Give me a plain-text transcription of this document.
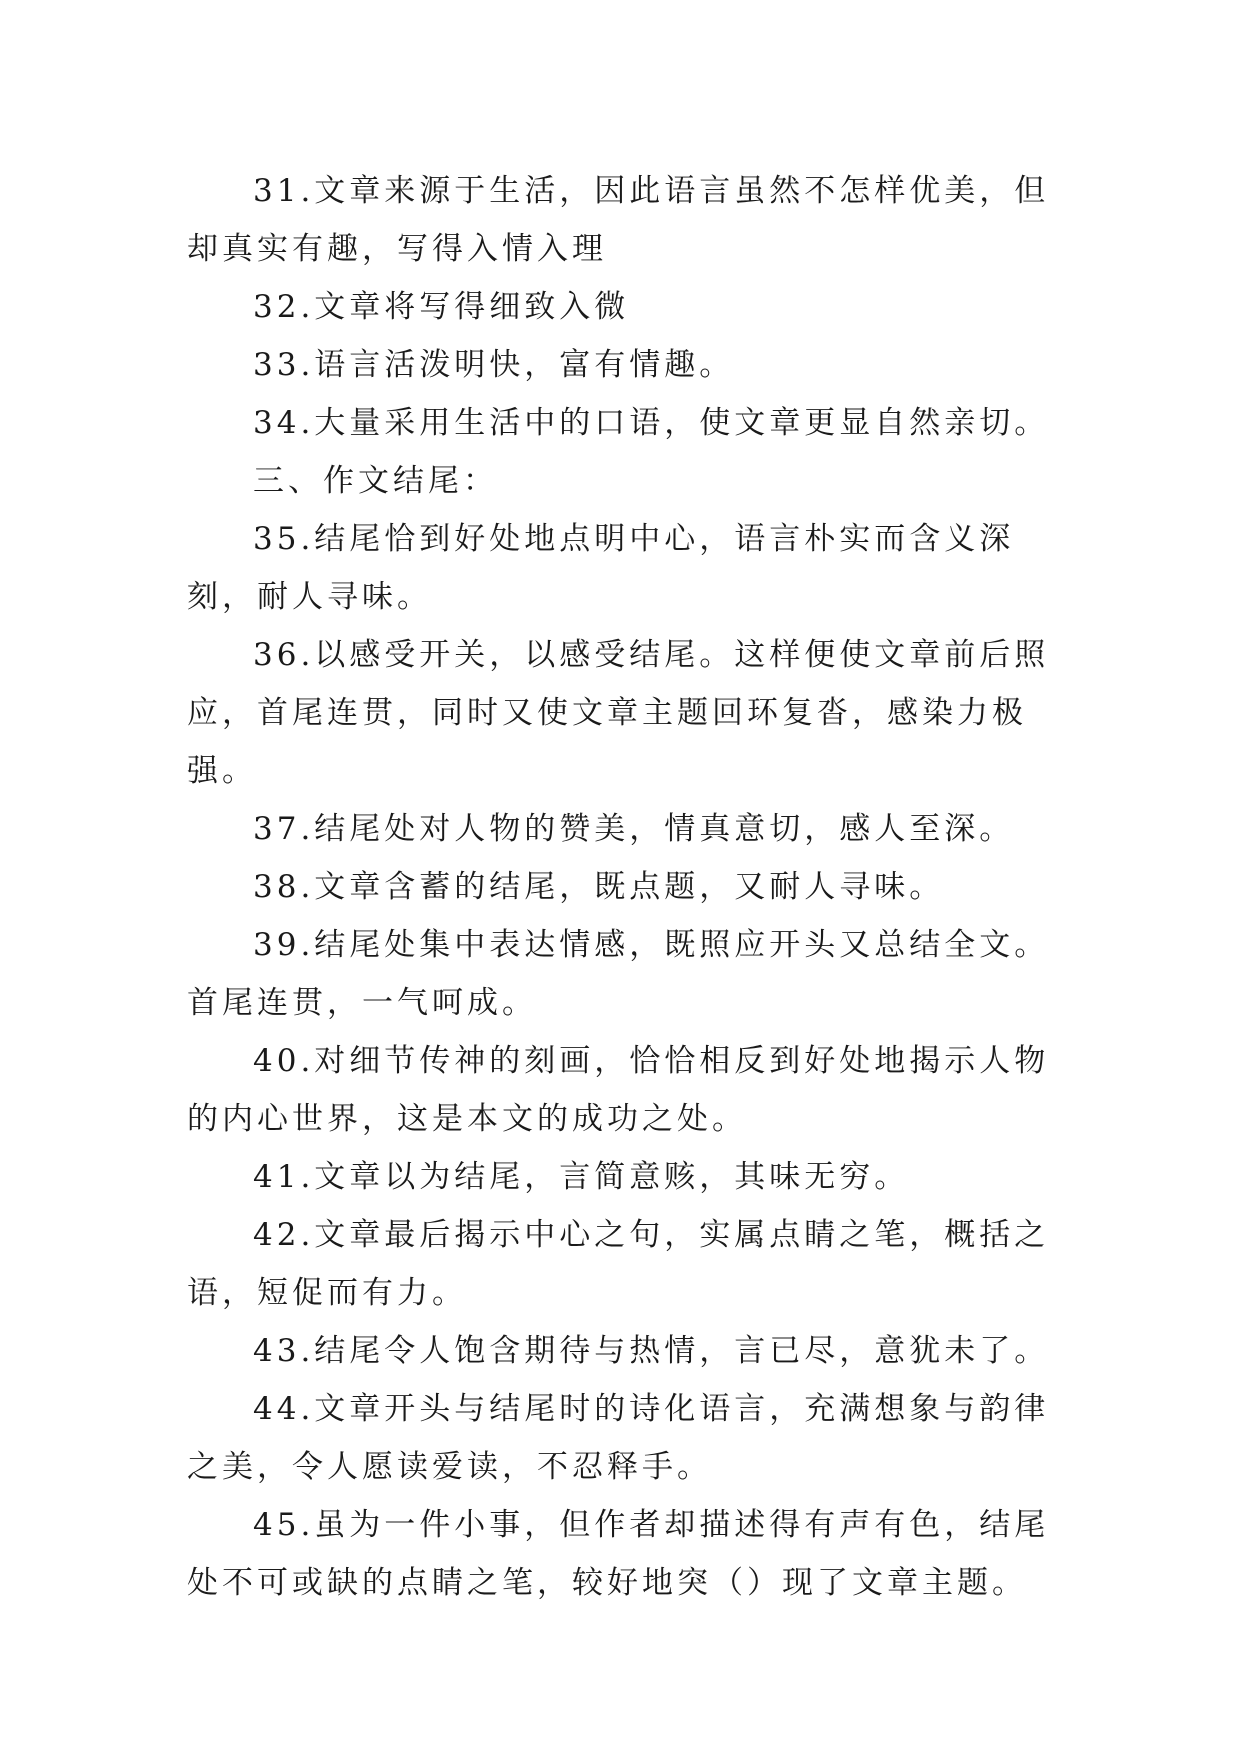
31.文章来源于生活，因此语言虽然不怎样优美，但却真实有趣，写得入情入理

32.文章将写得细致入微

33.语言活泼明快，富有情趣。

34.大量采用生活中的口语，使文章更显自然亲切。

三、作文结尾：

35.结尾恰到好处地点明中心，语言朴实而含义深刻，耐人寻味。

36.以感受开关，以感受结尾。这样便使文章前后照应，首尾连贯，同时又使文章主题回环复沓，感染力极强。

37.结尾处对人物的赞美，情真意切，感人至深。

38.文章含蓄的结尾，既点题，又耐人寻味。

39.结尾处集中表达情感，既照应开头又总结全文。首尾连贯，一气呵成。

40.对细节传神的刻画，恰恰相反到好处地揭示人物的内心世界，这是本文的成功之处。

41.文章以为结尾，言简意赅，其味无穷。

42.文章最后揭示中心之句，实属点睛之笔，概括之语，短促而有力。

43.结尾令人饱含期待与热情，言已尽，意犹未了。

44.文章开头与结尾时的诗化语言，充满想象与韵律之美，令人愿读爱读，不忍释手。

45.虽为一件小事，但作者却描述得有声有色，结尾处不可或缺的点睛之笔，较好地突（）现了文章主题。
